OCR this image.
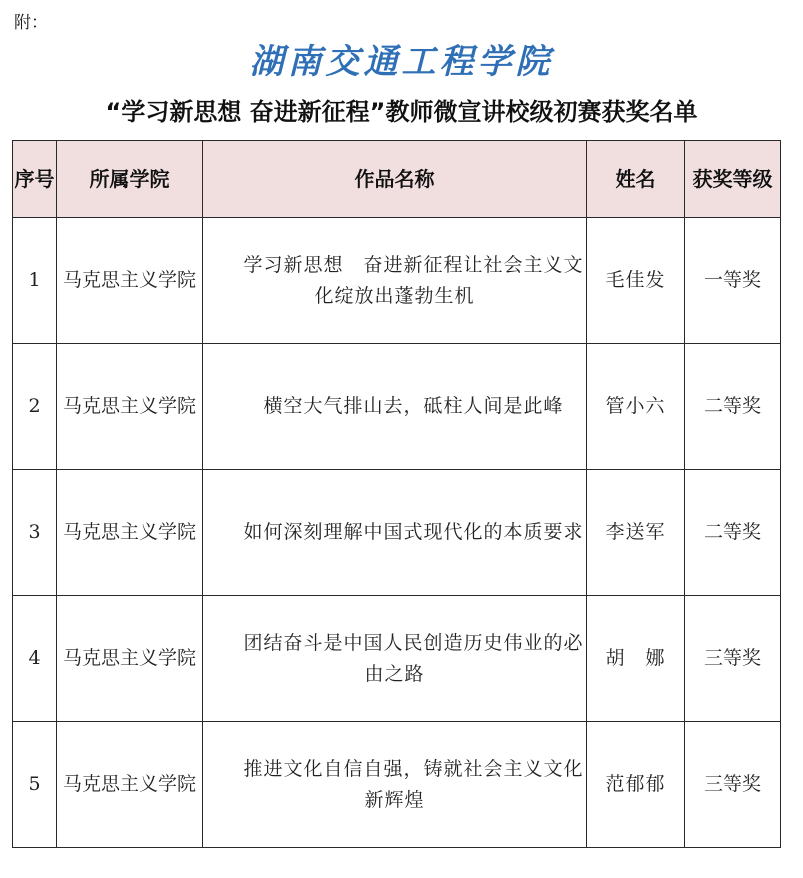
附：
湖南交通工程学院
“学习新思想 奋进新征程”教师微宣讲校级初赛获奖名单
序号	所属学院	作品名称	姓名	获奖等级
1	马克思主义学院	学习新思想　奋进新征程让社会主义文化绽放出蓬勃生机	毛佳发	一等奖
2	马克思主义学院	横空大气排山去，砥柱人间是此峰	管小六	二等奖
3	马克思主义学院	如何深刻理解中国式现代化的本质要求	李送军	二等奖
4	马克思主义学院	团结奋斗是中国人民创造历史伟业的必由之路	胡　娜	三等奖
5	马克思主义学院	推进文化自信自强，铸就社会主义文化新辉煌	范郁郁	三等奖
